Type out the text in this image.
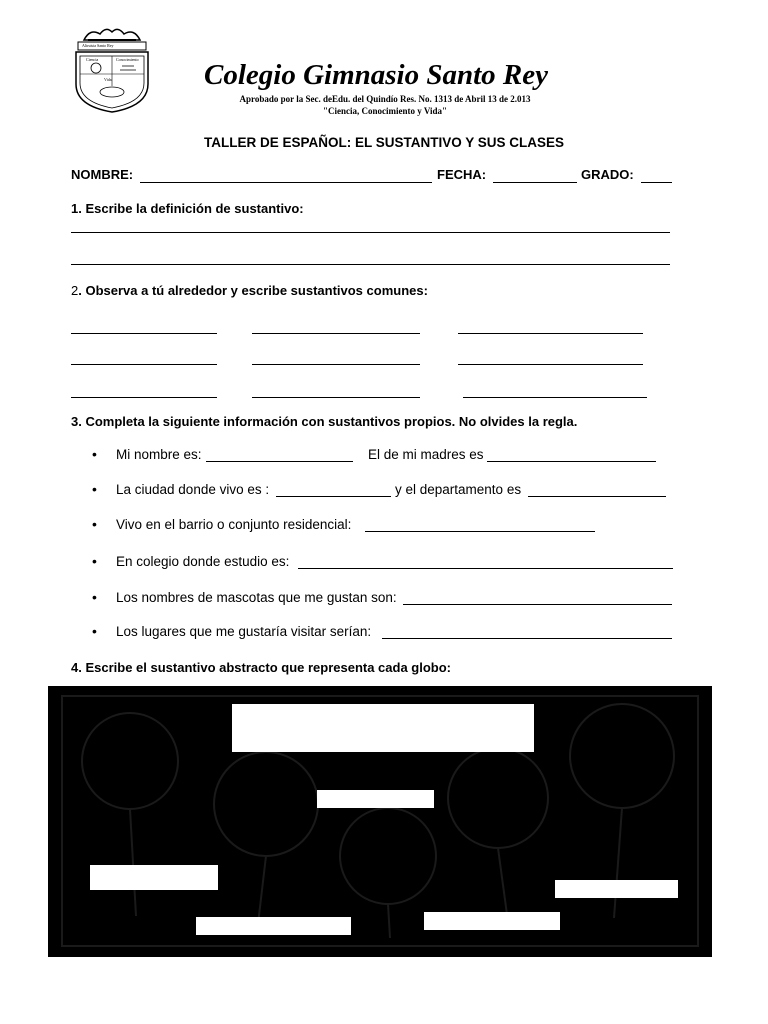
Altruista Santo Rey
Ciencia	Conocimiento
Vida	Colegio Gimnasio Santo Rey
Aprobado por la Sec. deEdu. del Quindío Res. No. 1313 de Abril 13 de 2.013
"Ciencia, Conocimiento y Vida"
TALLER DE ESPAÑOL: EL SUSTANTIVO Y SUS CLASES
NOMBRE:	FECHA:	GRADO:
1. Escribe la definición de sustantivo:
2. Observa a tú alrededor y escribe sustantivos comunes:
3. Completa la siguiente información con sustantivos propios. No olvides la regla.
• Mi nombre es:	El de mi madres es
• La ciudad donde vivo es :	y el departamento es
• Vivo en el barrio o conjunto residencial:
• En colegio donde estudio es:
• Los nombres de mascotas que me gustan son:
• Los lugares que me gustaría visitar serían:
4. Escribe el sustantivo abstracto que representa cada globo:
